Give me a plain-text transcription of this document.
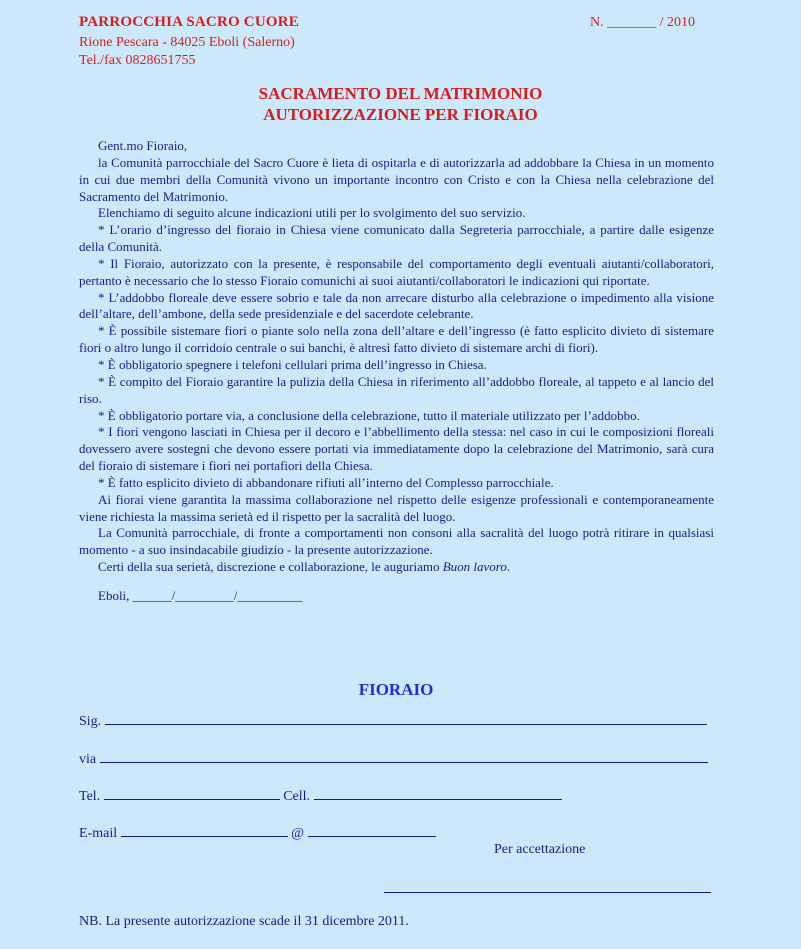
PARROCCHIA SACRO CUORE
Rione Pescara - 84025 Eboli (Salerno)
Tel./fax 0828651755
N. _______ / 2010
SACRAMENTO DEL MATRIMONIO
AUTORIZZAZIONE PER FIORAIO

Gent.mo Fioraio,

la Comunità parrocchiale del Sacro Cuore è lieta di ospitarla e di autorizzarla ad addobbare la Chiesa in un momento in cui due membri della Comunità vivono un importante incontro con Cristo e con la Chiesa nella celebrazione del Sacramento del Matrimonio.

Elenchiamo di seguito alcune indicazioni utili per lo svolgimento del suo servizio.

* L’orario d’ingresso del fioraio in Chiesa viene comunicato dalla Segreteria parrocchiale, a partire dalle esigenze della Comunità.

* Il Fioraio, autorizzato con la presente, è responsabile del comportamento degli eventuali aiutanti/collaboratori, pertanto è necessario che lo stesso Fioraio comunichi ai suoi aiutanti/collaboratori le indicazioni qui riportate.

* L’addobbo floreale deve essere sobrio e tale da non arrecare disturbo alla celebrazione o impedimento alla visione dell’altare, dell’ambone, della sede presidenziale e del sacerdote celebrante.

* È possibile sistemare fiori o piante solo nella zona dell’altare e dell’ingresso (è fatto esplicito divieto di sistemare fiori o altro lungo il corridoio centrale o sui banchi, è altresì fatto divieto di sistemare archi di fiori).

* È obbligatorio spegnere i telefoni cellulari prima dell’ingresso in Chiesa.

* È compito del Fioraio garantire la pulizia della Chiesa in riferimento all’addobbo floreale, al tappeto e al lancio del riso.

* È obbligatorio portare via, a conclusione della celebrazione, tutto il materiale utilizzato per l’addobbo.

* I fiori vengono lasciati in Chiesa per il decoro e l’abbellimento della stessa: nel caso in cui le composizioni floreali dovessero avere sostegni che devono essere portati via immediatamente dopo la celebrazione del Matrimonio, sarà cura del fioraio di sistemare i fiori nei portafiori della Chiesa.

* È fatto esplicito divieto di abbandonare rifiuti all’interno del Complesso parrocchiale.

Ai fiorai viene garantita la massima collaborazione nel rispetto delle esigenze professionali e contemporaneamente viene richiesta la massima serietà ed il rispetto per la sacralità del luogo.

La Comunità parrocchiale, di fronte a comportamenti non consoni alla sacralità del luogo potrà ritirare in qualsiasi momento - a suo insindacabile giudizio - la presente autorizzazione.

Certi della sua serietà, discrezione e collaborazione, le auguriamo Buon lavoro.

Eboli, ______/_________/__________

FIORAIO
Sig.
via
Tel.	Cell.
E-mail	@
Per accettazione
NB. La presente autorizzazione scade il 31 dicembre 2011.
